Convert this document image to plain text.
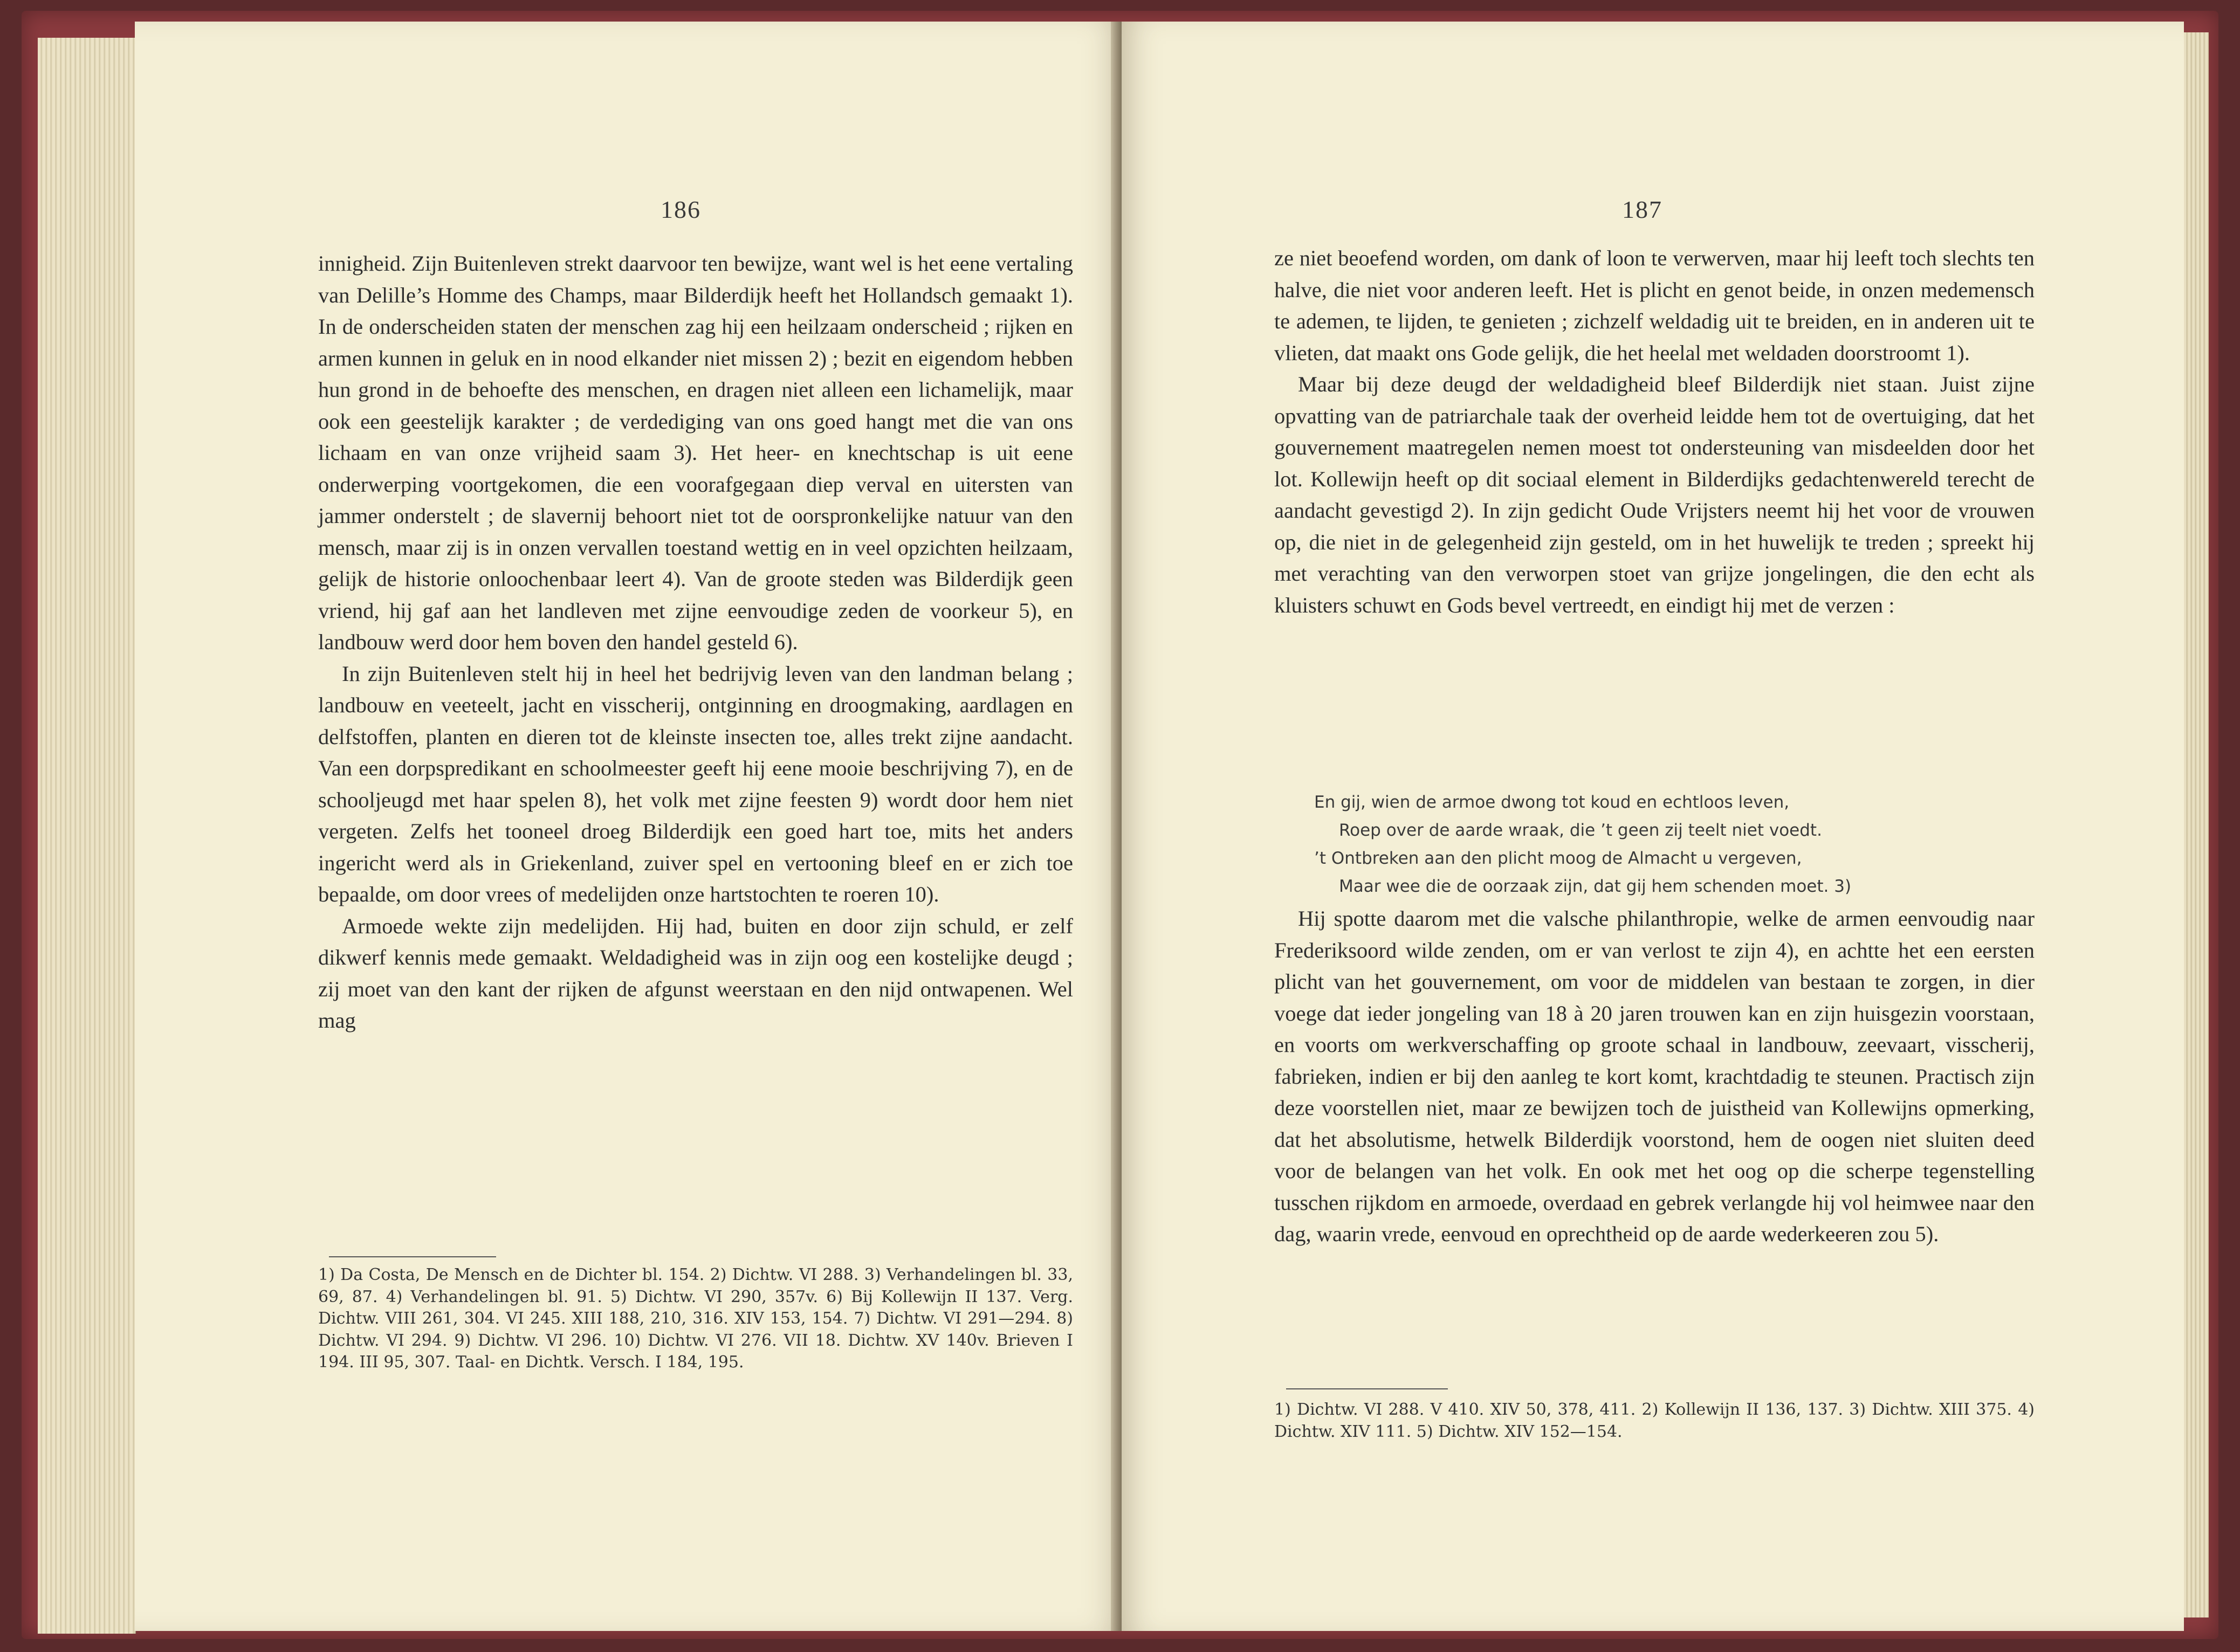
186

innigheid. Zijn Buitenleven strekt daarvoor ten bewijze, want wel is het eene vertaling van Delille’s Homme des Champs, maar Bilderdijk heeft het Hollandsch gemaakt 1). In de onderscheiden staten der menschen zag hij een heilzaam onderscheid ; rijken en armen kunnen in geluk en in nood elkander niet missen 2) ; bezit en eigendom hebben hun grond in de behoefte des menschen, en dragen niet alleen een lichamelijk, maar ook een geestelijk karakter ; de verdediging van ons goed hangt met die van ons lichaam en van onze vrijheid saam 3). Het heer- en knechtschap is uit eene onderwerping voortgekomen, die een voorafgegaan diep verval en uitersten van jammer onderstelt ; de slavernij behoort niet tot de oorspronkelijke natuur van den mensch, maar zij is in onzen vervallen toestand wettig en in veel opzichten heilzaam, gelijk de historie onloochenbaar leert 4). Van de groote steden was Bilderdijk geen vriend, hij gaf aan het landleven met zijne eenvoudige zeden de voorkeur 5), en landbouw werd door hem boven den handel gesteld 6).

In zijn Buitenleven stelt hij in heel het bedrijvig leven van den landman belang ; landbouw en veeteelt, jacht en visscherij, ontginning en droogmaking, aardlagen en delfstoffen, planten en dieren tot de kleinste insecten toe, alles trekt zijne aandacht. Van een dorpspredikant en schoolmeester geeft hij eene mooie beschrijving 7), en de schooljeugd met haar spelen 8), het volk met zijne feesten 9) wordt door hem niet vergeten. Zelfs het tooneel droeg Bilderdijk een goed hart toe, mits het anders ingericht werd als in Griekenland, zuiver spel en vertooning bleef en er zich toe bepaalde, om door vrees of medelijden onze hartstochten te roeren 10).

Armoede wekte zijn medelijden. Hij had, buiten en door zijn schuld, er zelf dikwerf kennis mede gemaakt. Weldadigheid was in zijn oog een kostelijke deugd ; zij moet van den kant der rijken de afgunst weerstaan en den nijd ontwapenen. Wel mag

1) Da Costa, De Mensch en de Dichter bl. 154. 2) Dichtw. VI 288. 3) Verhandelingen bl. 33, 69, 87. 4) Verhandelingen bl. 91. 5) Dichtw. VI 290, 357v. 6) Bij Kollewijn II 137. Verg. Dichtw. VIII 261, 304. VI 245. XIII 188, 210, 316. XIV 153, 154. 7) Dichtw. VI 291—294. 8) Dichtw. VI 294. 9) Dichtw. VI 296. 10) Dichtw. VI 276. VII 18. Dichtw. XV 140v. Brieven I 194. III 95, 307. Taal- en Dichtk. Versch. I 184, 195.
187

ze niet beoefend worden, om dank of loon te verwerven, maar hij leeft toch slechts ten halve, die niet voor anderen leeft. Het is plicht en genot beide, in onzen medemensch te ademen, te lijden, te genieten ; zichzelf weldadig uit te breiden, en in anderen uit te vlieten, dat maakt ons Gode gelijk, die het heelal met weldaden doorstroomt 1).

Maar bij deze deugd der weldadigheid bleef Bilderdijk niet staan. Juist zijne opvatting van de patriarchale taak der overheid leidde hem tot de overtuiging, dat het gouvernement maatregelen nemen moest tot ondersteuning van misdeelden door het lot. Kollewijn heeft op dit sociaal element in Bilderdijks gedachtenwereld terecht de aandacht gevestigd 2). In zijn gedicht Oude Vrijsters neemt hij het voor de vrouwen op, die niet in de gelegenheid zijn gesteld, om in het huwelijk te treden ; spreekt hij met verachting van den verworpen stoet van grijze jongelingen, die den echt als kluisters schuwt en Gods bevel vertreedt, en eindigt hij met de verzen :

En gij, wien de armoe dwong tot koud en echtloos leven,
Roep over de aarde wraak, die ’t geen zij teelt niet voedt.
’t Ontbreken aan den plicht moog de Almacht u vergeven,
Maar wee die de oorzaak zijn, dat gij hem schenden moet. 3)

Hij spotte daarom met die valsche philanthropie, welke de armen eenvoudig naar Frederiksoord wilde zenden, om er van verlost te zijn 4), en achtte het een eersten plicht van het gouvernement, om voor de middelen van bestaan te zorgen, in dier voege dat ieder jongeling van 18 à 20 jaren trouwen kan en zijn huisgezin voorstaan, en voorts om werkverschaffing op groote schaal in landbouw, zeevaart, visscherij, fabrieken, indien er bij den aanleg te kort komt, krachtdadig te steunen. Practisch zijn deze voorstellen niet, maar ze bewijzen toch de juistheid van Kollewijns opmerking, dat het absolutisme, hetwelk Bilderdijk voorstond, hem de oogen niet sluiten deed voor de belangen van het volk. En ook met het oog op die scherpe tegenstelling tusschen rijkdom en armoede, overdaad en gebrek verlangde hij vol heimwee naar den dag, waarin vrede, eenvoud en oprechtheid op de aarde wederkeeren zou 5).

1) Dichtw. VI 288. V 410. XIV 50, 378, 411. 2) Kollewijn II 136, 137. 3) Dichtw. XIII 375. 4) Dichtw. XIV 111. 5) Dichtw. XIV 152—154.
